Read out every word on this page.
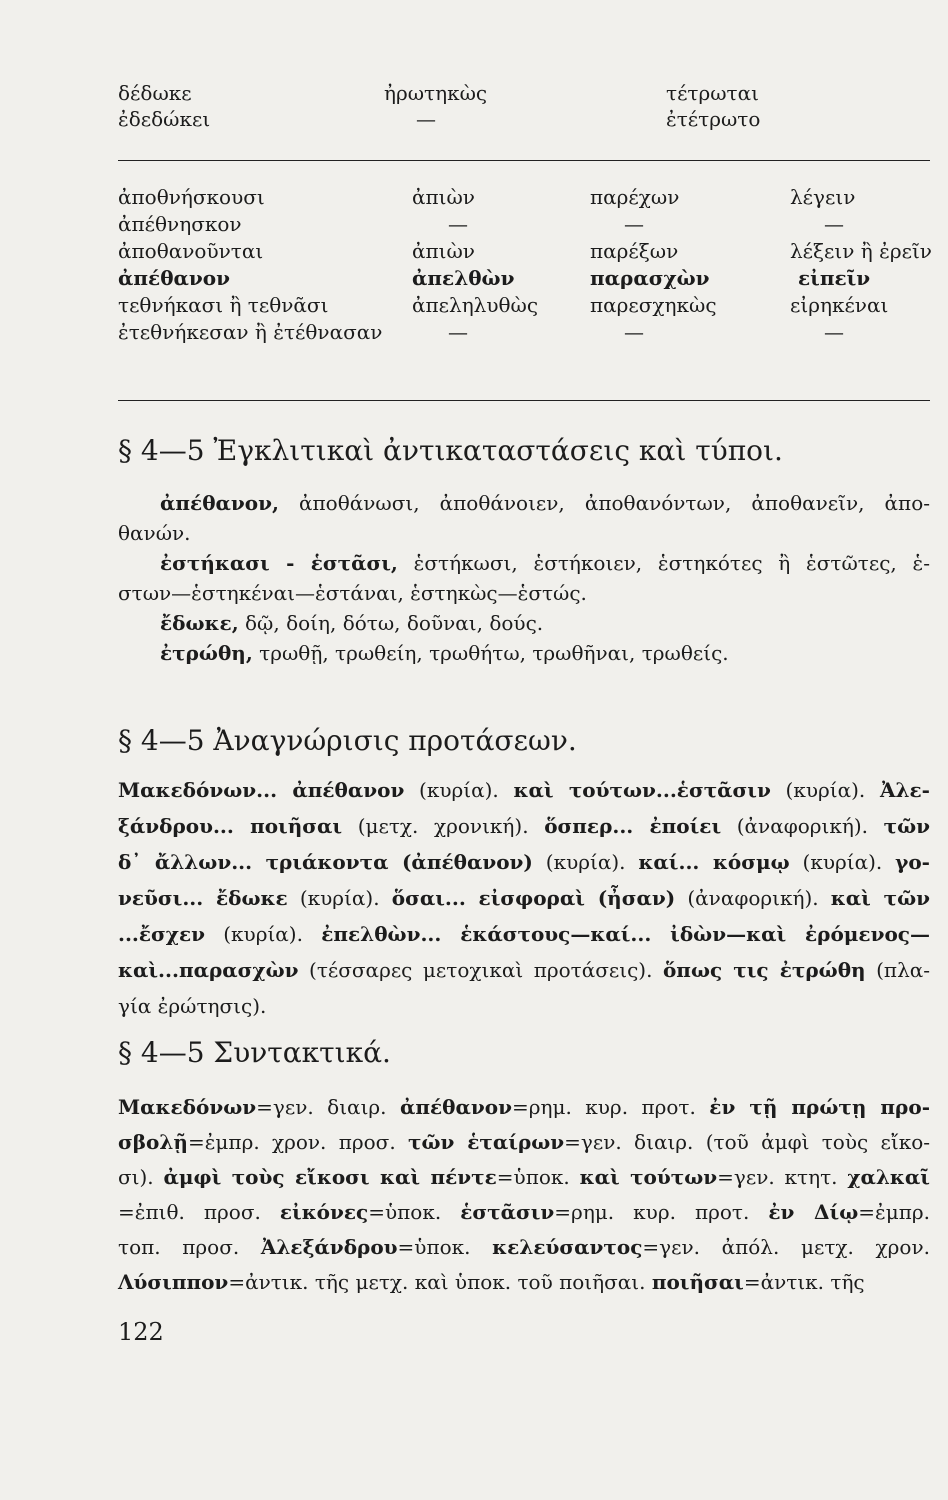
δέδωκε
ἐδεδώκει
ἠρωτηκὼς
—
τέτρωται
ἐτέτρωτο
ἀποθνήσκουσι
ἀπέθνησκον
ἀποθανοῦνται
ἀπέθανον
τεθνήκασι ἢ τεθνᾶσι
ἐτεθνήκεσαν ἢ ἐτέθνασαν
ἀπιὼν
—
ἀπιὼν
ἀπελθὼν
ἀπεληλυθὼς
—
παρέχων
—
παρέξων
παρασχὼν
παρεσχηκὼς
—
λέγειν
—
λέξειν ἢ ἐρεῖν
εἰπεῖν
εἰρηκέναι
—
§ 4—5 Ἐγκλιτικαὶ ἀντικαταστάσεις καὶ τύποι.
ἀπέθανον, ἀποθάνωσι, ἀποθάνοιεν, ἀποθανόντων, ἀποθανεῖν, ἀπο-
θανών.
ἐστήκασι - ἑστᾶσι, ἑστήκωσι, ἑστήκοιεν, ἑστηκότες ἢ ἑστῶτες, ἑ-
στων—ἑστηκέναι—ἑστάναι, ἑστηκὼς—ἑστώς.
ἔδωκε, δῷ, δοίη, δότω, δοῦναι, δούς.
ἐτρώθη, τρωθῇ, τρωθείη, τρωθήτω, τρωθῆναι, τρωθείς.
§ 4—5 Ἀναγνώρισις προτάσεων.
Μακεδόνων... ἀπέθανον (κυρία). καὶ τούτων...ἑστᾶσιν (κυρία). Ἀλε-
ξάνδρου... ποιῆσαι (μετχ. χρονική). ὅσπερ... ἐποίει (ἀναφορική). τῶν
δ᾽ ἄλλων... τριάκοντα (ἀπέθανον) (κυρία). καί... κόσμῳ (κυρία). γο-
νεῦσι... ἔδωκε (κυρία). ὅσαι... εἰσφοραὶ (ἦσαν) (ἀναφορική). καὶ τῶν
...ἔσχεν (κυρία). ἐπελθὼν... ἑκάστους—καί... ἰδὼν—καὶ ἐρόμενος—
καὶ...παρασχὼν (τέσσαρες μετοχικαὶ προτάσεις). ὅπως τις ἐτρώθη (πλα-
γία ἐρώτησις).
§ 4—5 Συντακτικά.
Μακεδόνων=γεν. διαιρ. ἀπέθανον=ρημ. κυρ. προτ. ἐν τῇ πρώτῃ προ-
σβολῇ=ἐμπρ. χρον. προσ. τῶν ἑταίρων=γεν. διαιρ. (τοῦ ἀμφὶ τοὺς εἴκο-
σι). ἀμφὶ τοὺς εἴκοσι καὶ πέντε=ὑποκ. καὶ τούτων=γεν. κτητ. χαλκαῖ
=ἐπιθ. προσ. εἰκόνες=ὑποκ. ἑστᾶσιν=ρημ. κυρ. προτ. ἐν Δίῳ=ἐμπρ.
τοπ. προσ. Ἀλεξάνδρου=ὑποκ. κελεύσαντος=γεν. ἀπόλ. μετχ. χρον.
Λύσιππον=ἀντικ. τῆς μετχ. καὶ ὑποκ. τοῦ ποιῆσαι. ποιῆσαι=ἀντικ. τῆς
122
